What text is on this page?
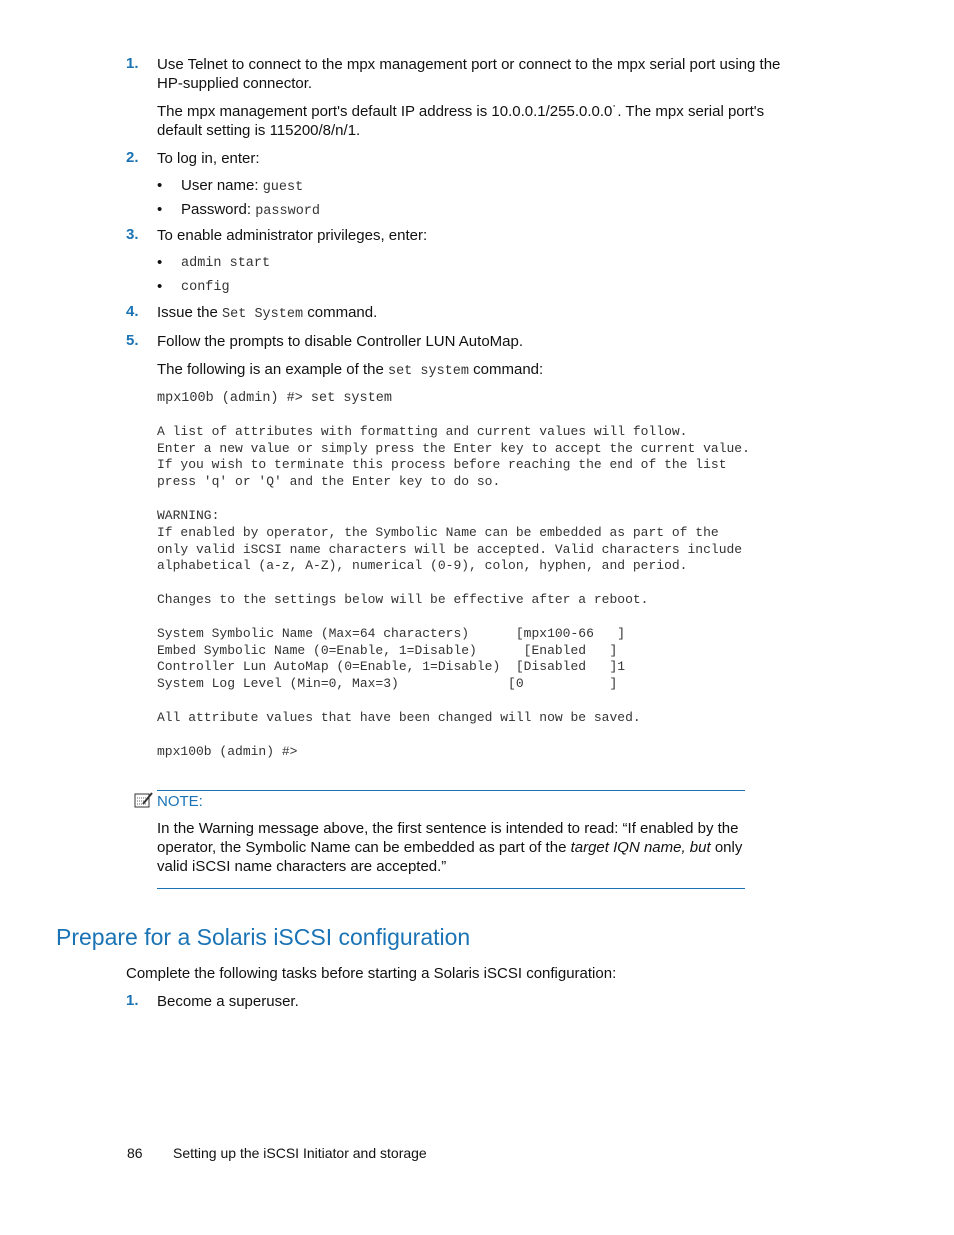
1. Use Telnet to connect to the mpx management port or connect to the mpx serial port using the
HP-supplied connector.
The mpx management port's default IP address is 10.0.0.1/255.0.0.0˙. The mpx serial port's
default setting is 115200/8/n/1.
2. To log in, enter:
• User name: guest
• Password: password
3. To enable administrator privileges, enter:
• admin start
• config
4. Issue the Set System command.
5. Follow the prompts to disable Controller LUN AutoMap.
The following is an example of the set system command:
mpx100b (admin) #> set system
A list of attributes with formatting and current values will follow.
Enter a new value or simply press the Enter key to accept the current value.
If you wish to terminate this process before reaching the end of the list
press 'q' or 'Q' and the Enter key to do so.
WARNING:
If enabled by operator, the Symbolic Name can be embedded as part of the
only valid iSCSI name characters will be accepted. Valid characters include
alphabetical (a-z, A-Z), numerical (0-9), colon, hyphen, and period.
Changes to the settings below will be effective after a reboot.
System Symbolic Name (Max=64 characters)      [mpx100-66   ]
Embed Symbolic Name (0=Enable, 1=Disable)      [Enabled   ]
Controller Lun AutoMap (0=Enable, 1=Disable)  [Disabled   ]1
System Log Level (Min=0, Max=3)              [0           ]
All attribute values that have been changed will now be saved.
mpx100b (admin) #>
NOTE:
In the Warning message above, the first sentence is intended to read: “If enabled by the
operator, the Symbolic Name can be embedded as part of the target IQN name, but only
valid iSCSI name characters are accepted.”
Prepare for a Solaris iSCSI configuration
Complete the following tasks before starting a Solaris iSCSI configuration:
1. Become a superuser.
86 Setting up the iSCSI Initiator and storage
